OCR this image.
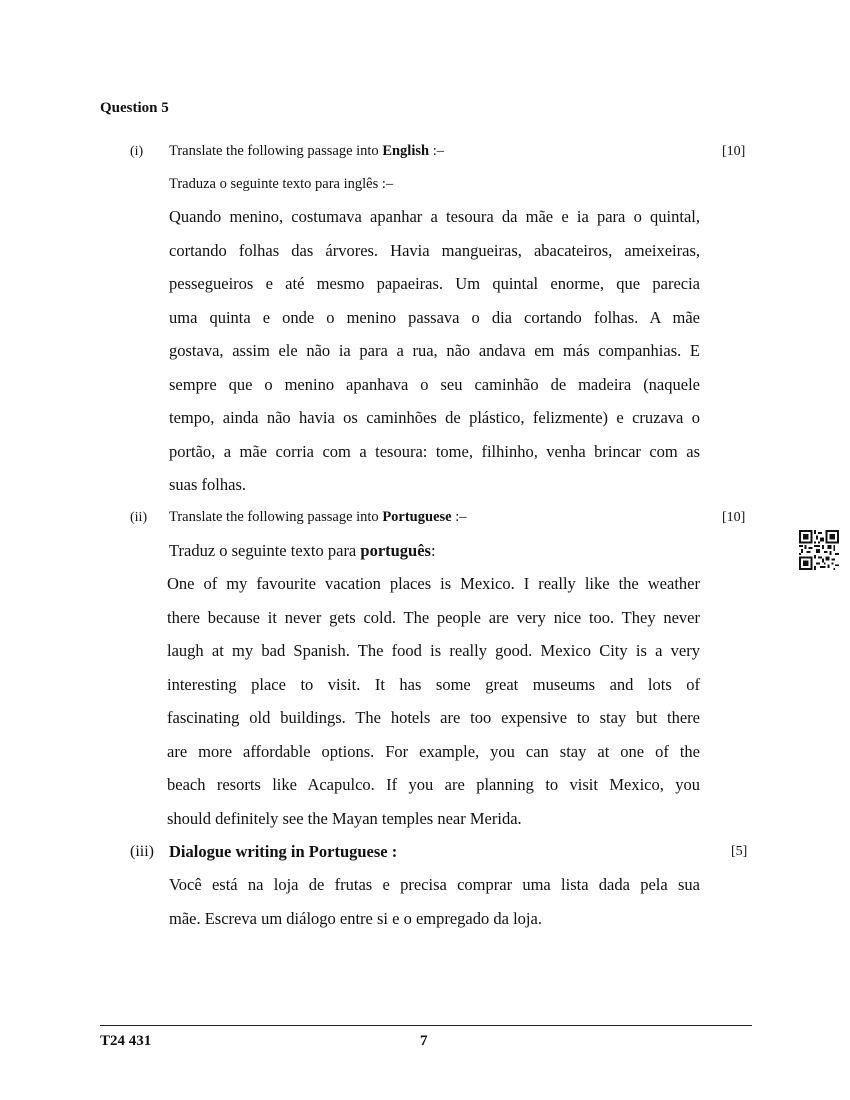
Question 5
(i) Translate the following passage into English :–	[10]
Traduza o seguinte texto para inglês :–
Quando menino, costumava apanhar a tesoura da mãe e ia para o quintal,
cortando folhas das árvores. Havia mangueiras, abacateiros, ameixeiras,
pessegueiros e até mesmo papaeiras. Um quintal enorme, que parecia
uma quinta e onde o menino passava o dia cortando folhas. A mãe
gostava, assim ele não ia para a rua, não andava em más companhias. E
sempre que o menino apanhava o seu caminhão de madeira (naquele
tempo, ainda não havia os caminhões de plástico, felizmente) e cruzava o
portão, a mãe corria com a tesoura: tome, filhinho, venha brincar com as
suas folhas.
(ii) Translate the following passage into Portuguese :–	[10]
Traduz o seguinte texto para português:
One of my favourite vacation places is Mexico. I really like the weather
there because it never gets cold. The people are very nice too. They never
laugh at my bad Spanish. The food is really good. Mexico City is a very
interesting place to visit. It has some great museums and lots of
fascinating old buildings. The hotels are too expensive to stay but there
are more affordable options. For example, you can stay at one of the
beach resorts like Acapulco. If you are planning to visit Mexico, you
should definitely see the Mayan temples near Merida.
(iii) Dialogue writing in Portuguese :	[5]
Você está na loja de frutas e precisa comprar uma lista dada pela sua
mãe. Escreva um diálogo entre si e o empregado da loja.
T24 431	7
